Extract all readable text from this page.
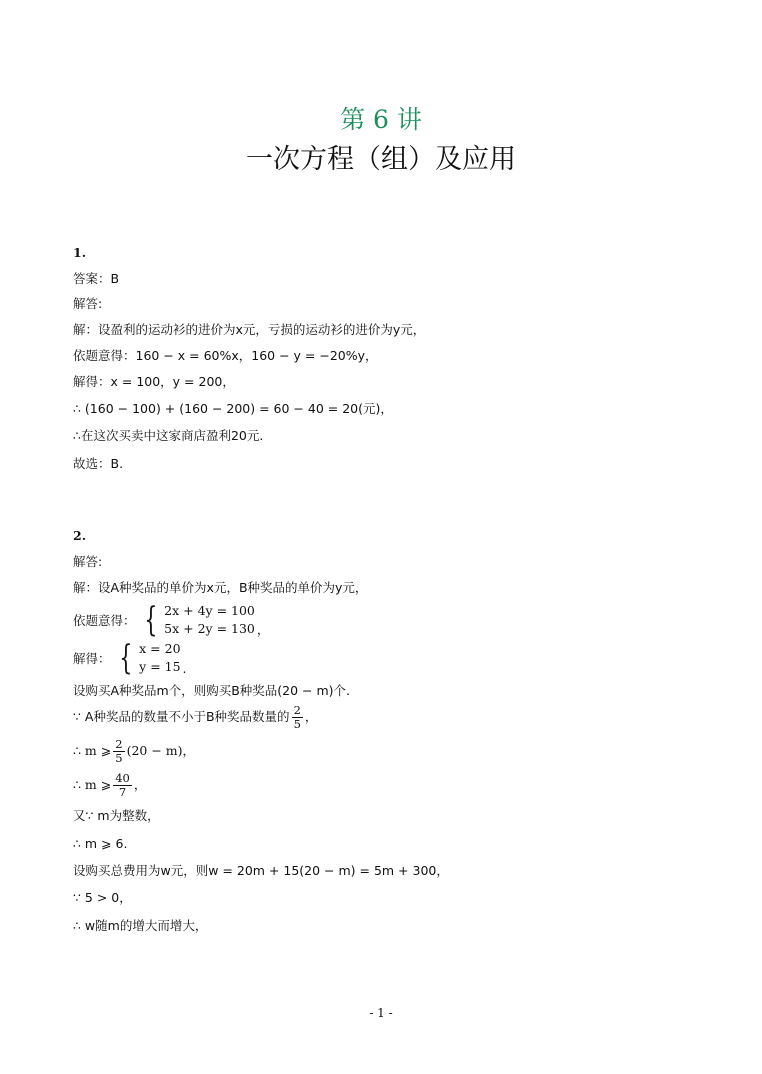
第 6 讲
一次方程（组）及应用
1.
答案：B
解答:
解：设盈利的运动衫的进价为x元，亏损的运动衫的进价为y元，
依题意得：160 − x = 60%x，160 − y = −20%y，
解得：x = 100，y = 200，
∴ (160 − 100) + (160 − 200) = 60 − 40 = 20(元)，
∴在这次买卖中这家商店盈利20元.
故选：B.
2.
解答:
解：设A种奖品的单价为x元，B种奖品的单价为y元，
依题意得： { 2x + 4y = 100
5x + 2y = 130 ，
解得： { x = 20
y = 15 .
设购买A种奖品m个，则购买B种奖品(20 − m)个.
∵ A种奖品的数量不小于B种奖品数量的 $\frac{2}{5}$ ，
∴ m ⩾ $\frac{2}{5} (20 - m)$，
∴ m ⩾ $\frac{40}{7}$ ，
又∵ m为整数，
∴ m ⩾ 6.
设购买总费用为w元，则w = 20m + 15(20 − m) = 5m + 300，
∵ 5 > 0，
∴ w随m的增大而增大，
- 1 -
